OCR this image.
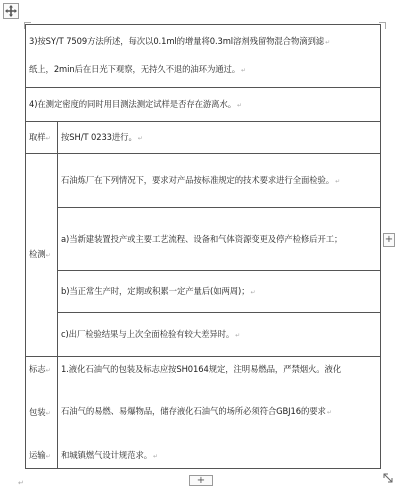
3)按SY/T 7509方法所述，每次以0.1ml的增量将0.3ml溶剂残留物混合物滴到滤↵
纸上，2min后在日光下观察，无持久不退的油环为通过。↵	

4)在测定密度的同时用目测法测定试样是否存在游离水。↵	
取样↵	按SH/T 0233进行。↵
检测↵	石油炼厂在下列情况下，要求对产品按标准规定的技术要求进行全面检验。↵
	a)当新建装置投产或主要工艺流程、设备和气体资源变更及停产检修后开工；
	b)当正常生产时，定期或积累一定产量后(如两周)；↵
	c)出厂检验结果与上次全面检验有较大差异时。↵

标志↵
包装↵
运输↵	1.液化石油气的包装及标志应按SH0164规定，注明易燃品，严禁烟火。液化
石油气的易燃、易爆物品，储存液化石油气的场所必须符合GBJ16的要求↵
和城镇燃气设计规范求。↵
+
+
↵
